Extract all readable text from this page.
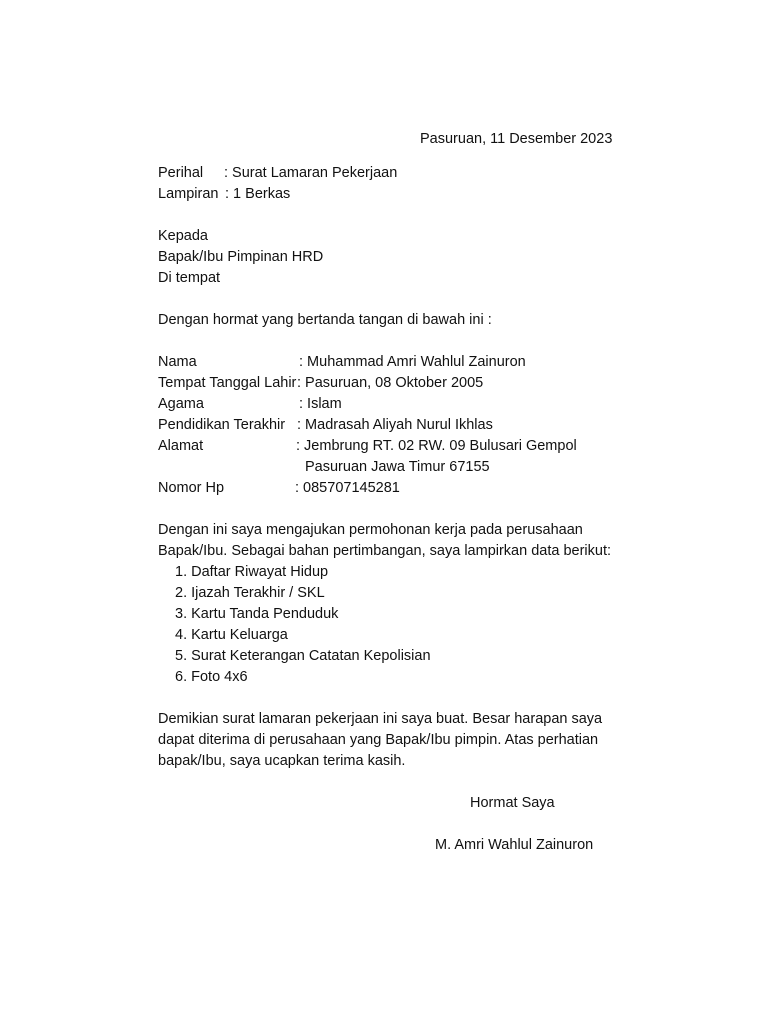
Pasuruan, 11 Desember 2023
Perihal : Surat Lamaran Pekerjaan
Lampiran : 1 Berkas
Kepada
Bapak/Ibu Pimpinan HRD
Di tempat
Dengan hormat yang bertanda tangan di bawah ini :
Nama	: Muhammad Amri Wahlul Zainuron
Tempat Tanggal Lahir : Pasuruan, 08 Oktober 2005
Agama	: Islam
Pendidikan Terakhir : Madrasah Aliyah Nurul Ikhlas
Alamat	: Jembrung RT. 02 RW. 09 Bulusari Gempol
Pasuruan Jawa Timur 67155
Nomor Hp	: 085707145281
Dengan ini saya mengajukan permohonan kerja pada perusahaan
Bapak/Ibu. Sebagai bahan pertimbangan, saya lampirkan data berikut:
1. Daftar Riwayat Hidup
2. Ijazah Terakhir / SKL
3. Kartu Tanda Penduduk
4. Kartu Keluarga
5. Surat Keterangan Catatan Kepolisian
6. Foto 4x6
Demikian surat lamaran pekerjaan ini saya buat. Besar harapan saya
dapat diterima di perusahaan yang Bapak/Ibu pimpin. Atas perhatian
bapak/Ibu, saya ucapkan terima kasih.
Hormat Saya
M. Amri Wahlul Zainuron
